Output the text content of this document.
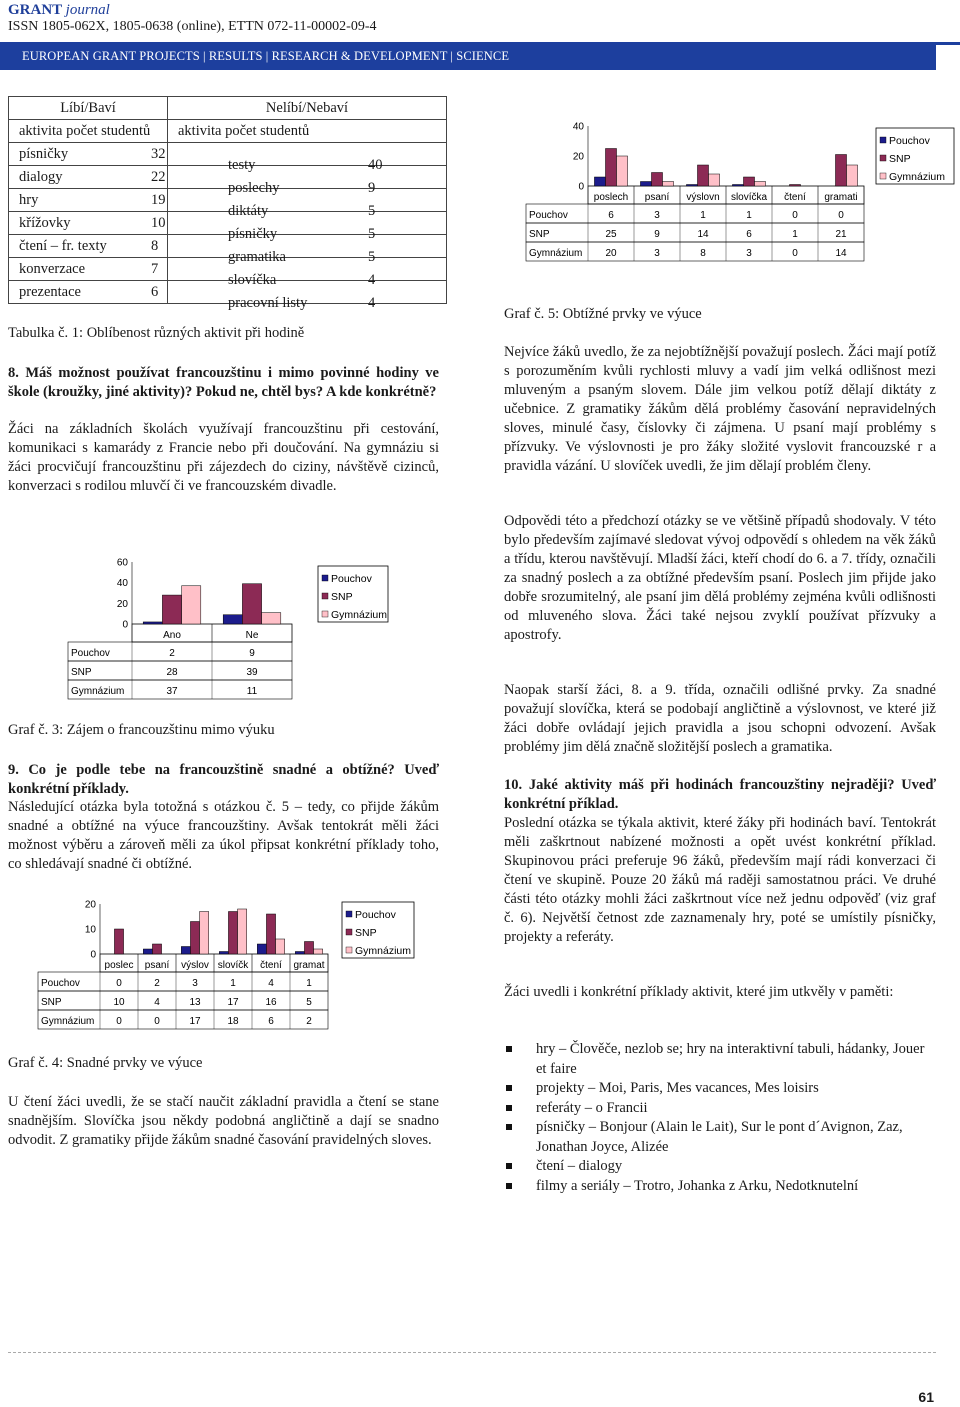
GRANT journal
ISSN 1805-062X, 1805-0638 (online), ETTN 072-11-00002-09-4
EUROPEAN GRANT PROJECTS | RESULTS | RESEARCH & DEVELOPMENT | SCIENCE
Líbí/Baví	Nelíbí/Nebaví
aktivita počet studentů	aktivita počet studentů
písničky 32	testy 40

dialogy 22	poslechy 9

hry 19	diktáty 5

křížovky 10	písničky 5

čtení – fr. texty 8	gramatika 5

konverzace 7	slovíčka 4

prezentace 6	pracovní listy 4
Tabulka č. 1: Oblíbenost různých aktivit při hodině
8. Máš možnost používat francouzštinu i mimo povinné hodiny ve škole (kroužky, jiné aktivity)? Pokud ne, chtěl bys? A kde konkrétně?
Žáci na základních školách využívají francouzštinu při cestování, komunikaci s kamarády z Francie nebo při doučování. Na gymnáziu si žáci procvičují francouzštinu při zájezdech do ciziny, návštěvě cizinců, konverzaci s rodilou mluvčí či ve francouzském divadle.
60
40
20
0
Ano	Ne
Pouchov	2	9
SNP	28	39
Gymnázium	37	11
Pouchov
SNP
Gymnázium
Graf č. 3: Zájem o francouzštinu mimo výuku
9. Co je podle tebe na francouzštině snadné a obtížné? Uveď konkrétní příklady.
Následující otázka byla totožná s otázkou č. 5 – tedy, co přijde žákům snadné a obtížné na výuce francouzštiny. Avšak tentokrát měli žáci možnost výběru a zároveň měli za úkol připsat konkrétní příklady toho, co shledávají snadné či obtížné.
20
10
0
poslec psaní výslov slovíčk čtení gramat
Pouchov	0	2	3	1	4	1
SNP	10	4	13	17	16	5
Gymnázium 0	0	17	18	6	2
Pouchov
SNP
Gymnázium
Graf č. 4: Snadné prvky ve výuce
U čtení žáci uvedli, že se stačí naučit základní pravidla a čtení se stane snadnějším. Slovíčka jsou někdy podobná angličtině a dají se snadno odvodit. Z gramatiky přijde žákům snadné časování pravidelných sloves.
40
20
0
poslech psaní výslovn slovíčka čtení gramati
Pouchov	6	3	1	1	0	0
SNP	25	9	14	6	1	21
Gymnázium 20	3	8	3	0	14
Pouchov
SNP
Gymnázium
Graf č. 5: Obtížné prvky ve výuce
Nejvíce žáků uvedlo, že za nejobtížnější považují poslech. Žáci mají potíž s porozuměním kvůli rychlosti mluvy a vadí jim velká odlišnost mezi mluveným a psaným slovem. Dále jim velkou potíž dělají diktáty z učebnice. Z gramatiky žákům dělá problémy časování nepravidelných sloves, minulé časy, číslovky či zájmena. U psaní mají problémy s přízvuky. Ve výslovnosti je pro žáky složité vyslovit francouzské r a pravidla vázání. U slovíček uvedli, že jim dělají problém členy.
Odpovědi této a předchozí otázky se ve většině případů shodovaly. V této bylo především zajímavé sledovat vývoj odpovědí s ohledem na věk žáků a třídu, kterou navštěvují. Mladší žáci, kteří chodí do 6. a 7. třídy, označili za snadný poslech a za obtížné především psaní. Poslech jim přijde jako dobře srozumitelný, ale psaní jim dělá problémy zejména kvůli odlišnosti od mluveného slova. Žáci také nejsou zvyklí používat přízvuky a apostrofy.
Naopak starší žáci, 8. a 9. třída, označili odlišné prvky. Za snadné považují slovíčka, která se podobají angličtině a výslovnost, ve které již žáci dobře ovládají jejich pravidla a jsou schopni odvození. Avšak problémy jim dělá značně složitější poslech a gramatika.
10. Jaké aktivity máš při hodinách francouzštiny nejraději? Uveď konkrétní příklad.
Poslední otázka se týkala aktivit, které žáky při hodinách baví. Tentokrát měli zaškrtnout nabízené možnosti a opět uvést konkrétní příklad. Skupinovou práci preferuje 96 žáků, především mají rádi konverzaci či čtení ve skupině. Pouze 20 žáků má raději samostatnou práci. Ve druhé části této otázky mohli žáci zaškrtnout více než jednu odpověď (viz graf č. 6). Největší četnost zde zaznamenaly hry, poté se umístily písničky, projekty a referáty.
Žáci uvedli i konkrétní příklady aktivit, které jim utkvěly v paměti:
hry – Člověče, nezlob se; hry na interaktivní tabuli, hádanky, Jouer et faire
projekty – Moi, Paris, Mes vacances, Mes loisirs
referáty – o Francii
písničky – Bonjour (Alain le Lait), Sur le pont d´Avignon, Zaz, Jonathan Joyce, Alizée
čtení – dialogy
filmy a seriály – Trotro, Johanka z Arku, Nedotknutelní
61
